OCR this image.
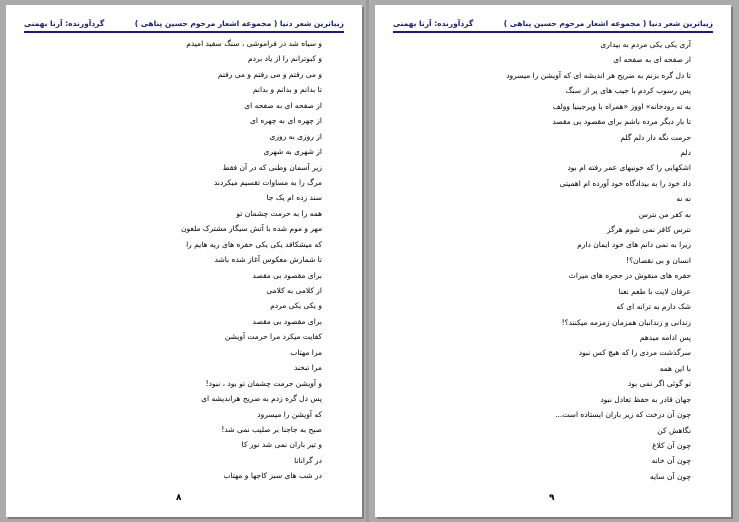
زیباترین شعر دنیا ( مجموعه اشعار مرحوم حسین پناهی )
گردآورنده: آرنا بهمنی

و سیاه شد در فراموشی ، سنگ سفید امیدم

و کبوترانم را از یاد بردم

و می رفتم و می رفتم و می رفتم

تا بدانم و بدانم و بدانم

از صفحه ای به صفحه ای

از چهره ای به چهره ای

از روزی به روزی

از شهری به شهری

زیر آسمان وطنی که در آن فقط

مرگ را به مساوات تقسیم میکردند

سند زده ام یک جا

همه را به حرمت چشمان تو

مهر و موم شده با آتش سیگار مشترک ملعون

که میشکافد یکی یکی حفره های ریه هایم را

تا شمارش معکوس آغاز شده باشد

برای مقصود بی مقصد

از کلامی به کلامی

و یکی یکی مردم

برای مقصود بی مقصد

کفایت میکرد مرا حرمت آویشن

مرا مهتاب

مرا تبخند

و آویشن حرمت چشمان تو بود ، نبود!

پس دل گره زدم به ضریح هراندیشه ای

که آویشن را میسرود

صبح به جاجنا بر صلیب نمی شد!

و تیر باران نمی شد نور کا

در گرانانا

در شب های سبز کاجها و مهتاب

۸
زیباترین شعر دنیا ( مجموعه اشعار مرحوم حسین پناهی )
گردآورنده: آرنا بهمنی

آری یکی یکی مردم به بیداری

از صفحه ای به صفحه ای

تا دل گره بزنم به ضریح هر اندیشه ای که آویشن را میسرود

پس رسوب کردم با جیب های پر از سنگ

به ته رودخانه» اووز «همراه با ویرجینیا وولف

تا بار دیگر مرده باشم برای مقصود بی مقصد

حرمت نگه دار دلم گلم

دلم

اشکهایی را که خونبهای عمر رفته ام بود

داد خود را به بیدادگاه خود آورده ام اهمیتی

نه نه

به کفر من نترس

نترس کافر نمی شوم هرگز

زیرا به نمی دانم های خود ایمان دارم

انسان و بی نقصان؟!

حفره های منقوش در حجره های میراث

عرفان لایت با طعم نعنا

شک دارم به ترانه ای که

زندانی و زندانبان همزمان زمزمه میکنند؟!

پس ادامه میدهم

سرگذشت مردی را که هیچ کس نبود

با این همه

تو گوئی اگر نمی بود

جهان قادر به حفظ تعادل نبود

چون آن درخت که زیر باران ایستاده است...

نگاهش کن

چون آن کلاغ

چون آن خانه

چون آن سایه

۹
